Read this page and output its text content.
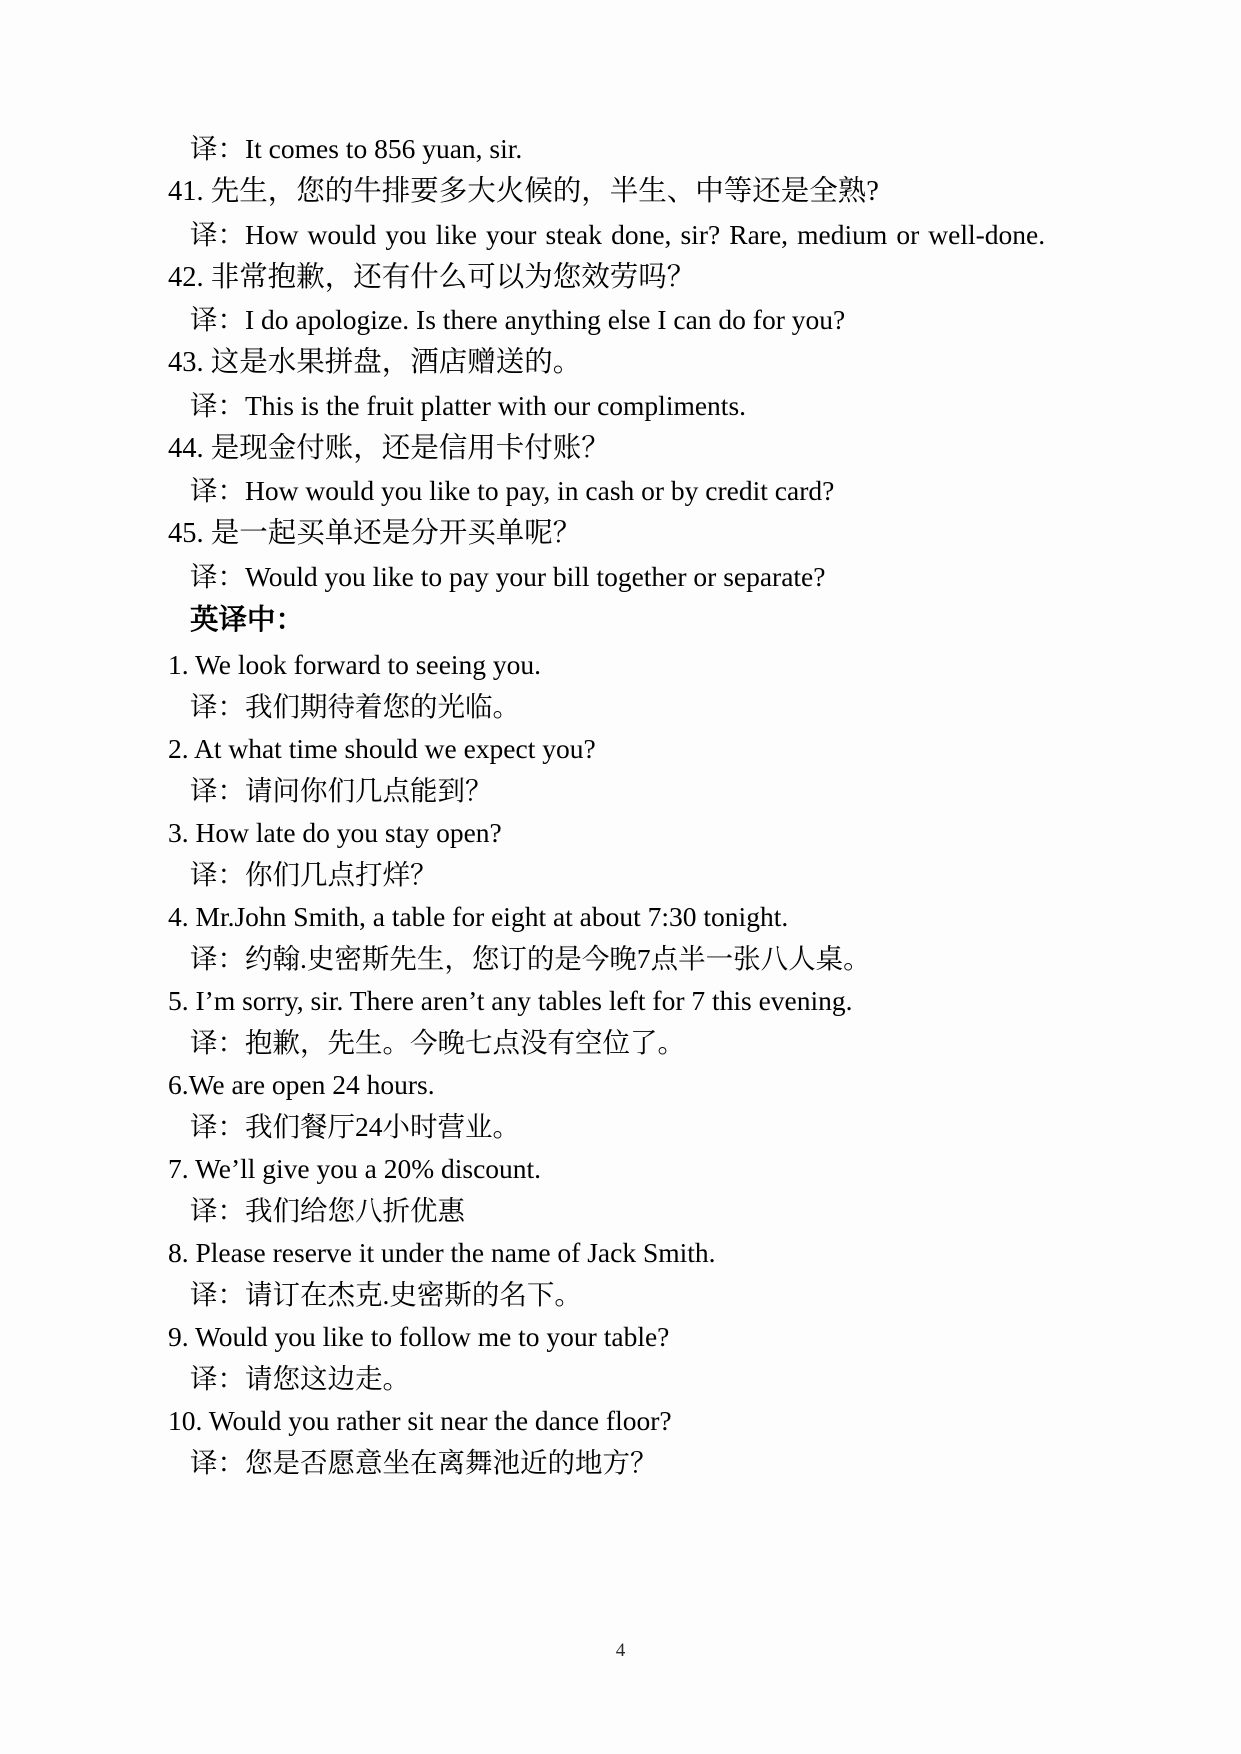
译：It comes to 856 yuan, sir.

41. 先生，您的牛排要多大火候的，半生、中等还是全熟?

译：How would you like your steak done, sir? Rare, medium or well-done.

42. 非常抱歉，还有什么可以为您效劳吗？

译：I do apologize. Is there anything else I can do for you?

43. 这是水果拼盘，酒店赠送的。

译：This is the fruit platter with our compliments.

44. 是现金付账，还是信用卡付账？

译：How would you like to pay, in cash or by credit card?

45. 是一起买单还是分开买单呢？

译：Would you like to pay your bill together or separate?

英译中：

1. We look forward to seeing you.

译：我们期待着您的光临。

2. At what time should we expect you?

译：请问你们几点能到？

3. How late do you stay open?

译：你们几点打烊？

4. Mr.John Smith, a table for eight at about 7:30 tonight.

译：约翰.史密斯先生，您订的是今晚7点半一张八人桌。

5. I’m sorry, sir. There aren’t any tables left for 7 this evening.

译：抱歉，先生。今晚七点没有空位了。

6.We are open 24 hours.

译：我们餐厅24小时营业。

7. We’ll give you a 20% discount.

译：我们给您八折优惠

8. Please reserve it under the name of Jack Smith.

译：请订在杰克.史密斯的名下。

9. Would you like to follow me to your table?

译：请您这边走。

10. Would you rather sit near the dance floor?

译：您是否愿意坐在离舞池近的地方？

4
